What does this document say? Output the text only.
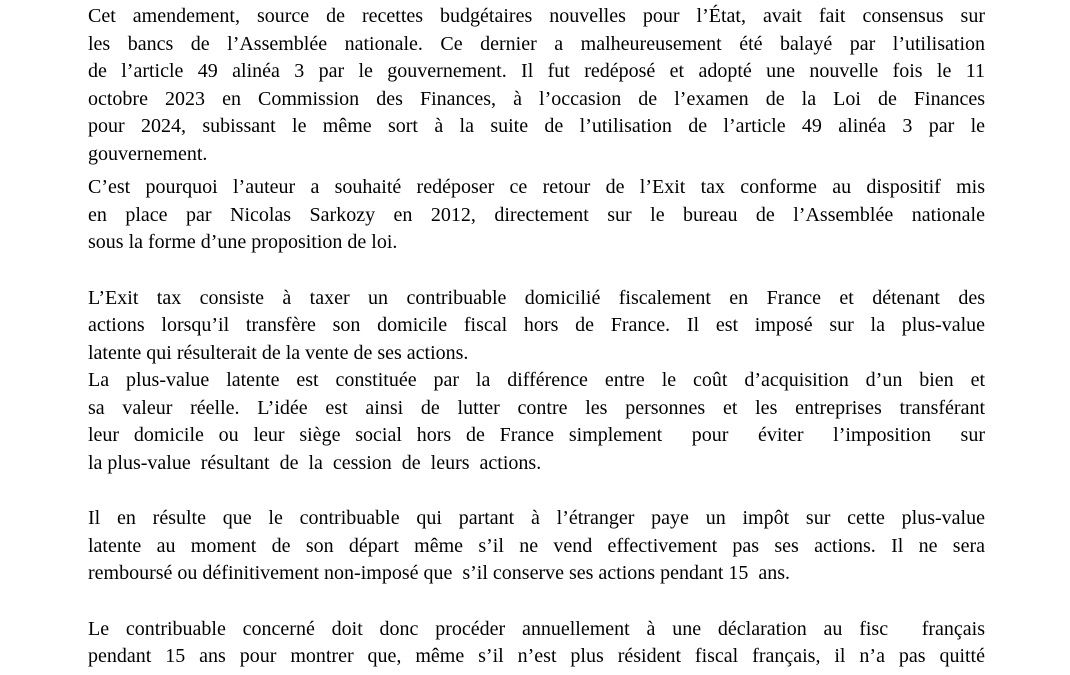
Cet amendement, source de recettes budgétaires nouvelles pour l’État, avait fait consensus sur
les bancs de l’Assemblée nationale. Ce dernier a malheureusement été balayé par l’utilisation
de l’article 49 alinéa 3 par le gouvernement. Il fut redéposé et adopté une nouvelle fois le 11
octobre 2023 en Commission des Finances, à l’occasion de l’examen de la Loi de Finances
pour 2024, subissant le même sort à la suite de l’utilisation de l’article 49 alinéa 3 par le
gouvernement.
C’est pourquoi l’auteur a souhaité redéposer ce retour de l’Exit tax conforme au dispositif mis
en place par Nicolas Sarkozy en 2012, directement sur le bureau de l’Assemblée nationale
sous la forme d’une proposition de loi.
L’Exit tax consiste à taxer un contribuable domicilié fiscalement en France et détenant des
actions lorsqu’il transfère son domicile fiscal hors de France. Il est imposé sur la plus-value
latente qui résulterait de la vente de ses actions.
La plus-value latente est constituée par la différence entre le coût d’acquisition d’un bien et
sa valeur réelle. L’idée est ainsi de lutter contre les personnes et les entreprises transférant
leur domicile ou leur siège social hors de France simplement  pour  éviter  l’imposition  sur
la plus-value  résultant  de  la  cession  de  leurs  actions.
Il en résulte que le contribuable qui partant à l’étranger paye un impôt sur cette plus-value
latente au moment de son départ même s’il ne vend effectivement pas ses actions. Il ne sera
remboursé ou définitivement non-imposé que  s’il conserve ses actions pendant 15  ans.
Le contribuable concerné doit donc procéder annuellement à une déclaration au fisc  français
pendant 15 ans pour montrer que, même s’il n’est plus résident fiscal français, il n’a pas quitté
